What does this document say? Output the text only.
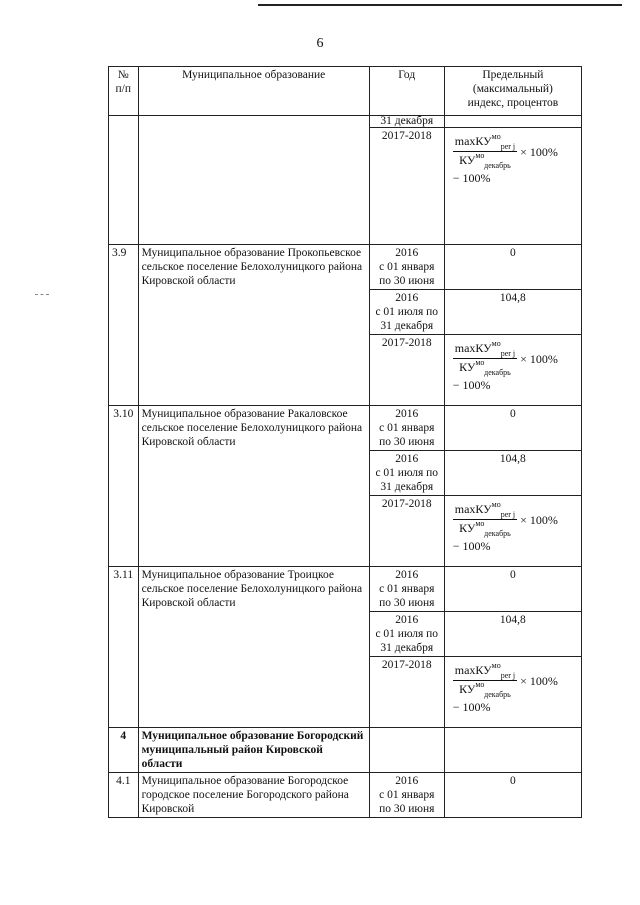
6
№
п/п	Муниципальное образование	Год	Предельный
(максимальный)
индекс, процентов
		31 декабря	
		2017-2018	$\frac{\max КУ^{мо}_{per j}}{КУ^{мо}_{декабрь}} \times 100\%$
− 100%

3.9	Муниципальное образование Прокопьевское сельское поселение Белохолуницкого района Кировской области	2016
с 01 января
по 30 июня	0
		2016
с 01 июля по
31 декабря	104,8
		2017-2018	$\frac{\max КУ^{мо}_{per j}}{КУ^{мо}_{декабрь}} \times 100\%$
− 100%

3.10	Муниципальное образование Ракаловское сельское поселение Белохолуницкого района Кировской области	2016
с 01 января
по 30 июня	0
		2016
с 01 июля по
31 декабря	104,8
		2017-2018	$\frac{\max КУ^{мо}_{per j}}{КУ^{мо}_{декабрь}} \times 100\%$
− 100%

3.11	Муниципальное образование Троицкое сельское поселение Белохолуницкого района Кировской области	2016
с 01 января
по 30 июня	0
		2016
с 01 июля по
31 декабря	104,8
		2017-2018	$\frac{\max КУ^{мо}_{per j}}{КУ^{мо}_{декабрь}} \times 100\%$
− 100%

4	Муниципальное образование Богородский муниципальный район Кировской области		
4.1	Муниципальное образование Богородское городское поселение Богородского района Кировской	2016
с 01 января
по 30 июня	0
